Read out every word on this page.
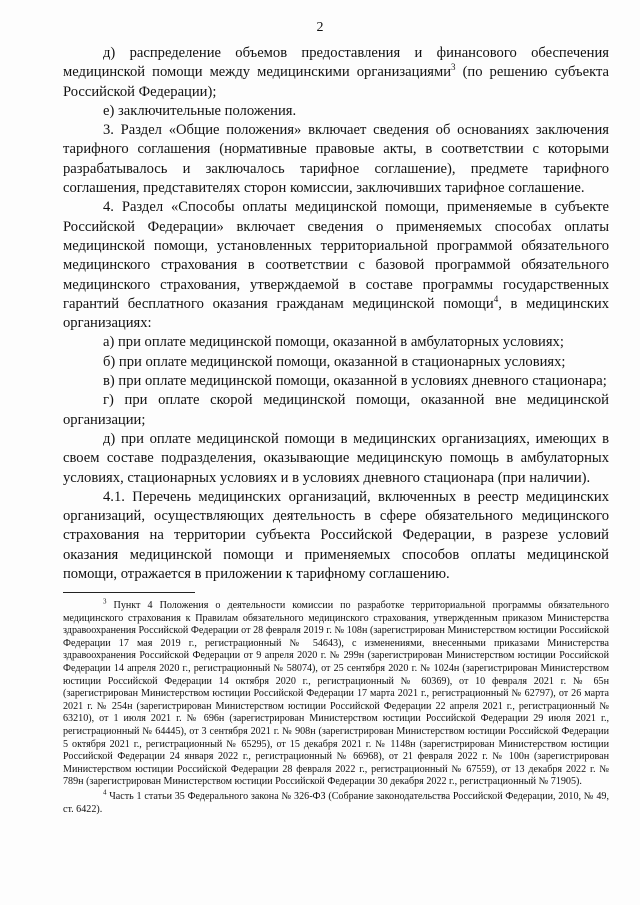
2

д) распределение объемов предоставления и финансового обеспечения медицинской помощи между медицинскими организациями$^3$ (по решению субъекта Российской Федерации);

е) заключительные положения.

3. Раздел «Общие положения» включает сведения об основаниях заключения тарифного соглашения (нормативные правовые акты, в соответствии с которыми разрабатывалось и заключалось тарифное соглашение), предмете тарифного соглашения, представителях сторон комиссии, заключивших тарифное соглашение.

4. Раздел «Способы оплаты медицинской помощи, применяемые в субъекте Российской Федерации» включает сведения о применяемых способах оплаты медицинской помощи, установленных территориальной программой обязательного медицинского страхования в соответствии с базовой программой обязательного медицинского страхования, утверждаемой в составе программы государственных гарантий бесплатного оказания гражданам медицинской помощи$^4$, в медицинских организациях:

а) при оплате медицинской помощи, оказанной в амбулаторных условиях;

б) при оплате медицинской помощи, оказанной в стационарных условиях;

в) при оплате медицинской помощи, оказанной в условиях дневного стационара;

г) при оплате скорой медицинской помощи, оказанной вне медицинской организации;

д) при оплате медицинской помощи в медицинских организациях, имеющих в своем составе подразделения, оказывающие медицинскую помощь в амбулаторных условиях, стационарных условиях и в условиях дневного стационара (при наличии).

4.1. Перечень медицинских организаций, включенных в реестр медицинских организаций, осуществляющих деятельность в сфере обязательного медицинского страхования на территории субъекта Российской Федерации, в разрезе условий оказания медицинской помощи и применяемых способов оплаты медицинской помощи, отражается в приложении к тарифному соглашению.

$^3$ Пункт 4 Положения о деятельности комиссии по разработке территориальной программы обязательного медицинского страхования к Правилам обязательного медицинского страхования, утвержденным приказом Министерства здравоохранения Российской Федерации от 28 февраля 2019 г. № 108н (зарегистрирован Министерством юстиции Российской Федерации 17 мая 2019 г., регистрационный № 54643), с изменениями, внесенными приказами Министерства здравоохранения Российской Федерации от 9 апреля 2020 г. № 299н (зарегистрирован Министерством юстиции Российской Федерации 14 апреля 2020 г., регистрационный № 58074), от 25 сентября 2020 г. № 1024н (зарегистрирован Министерством юстиции Российской Федерации 14 октября 2020 г., регистрационный № 60369), от 10 февраля 2021 г. № 65н (зарегистрирован Министерством юстиции Российской Федерации 17 марта 2021 г., регистрационный № 62797), от 26 марта 2021 г. № 254н (зарегистрирован Министерством юстиции Российской Федерации 22 апреля 2021 г., регистрационный № 63210), от 1 июля 2021 г. № 696н (зарегистрирован Министерством юстиции Российской Федерации 29 июля 2021 г., регистрационный № 64445), от 3 сентября 2021 г. № 908н (зарегистрирован Министерством юстиции Российской Федерации 5 октября 2021 г., регистрационный № 65295), от 15 декабря 2021 г. № 1148н (зарегистрирован Министерством юстиции Российской Федерации 24 января 2022 г., регистрационный № 66968), от 21 февраля 2022 г. № 100н (зарегистрирован Министерством юстиции Российской Федерации 28 февраля 2022 г., регистрационный № 67559), от 13 декабря 2022 г. № 789н (зарегистрирован Министерством юстиции Российской Федерации 30 декабря 2022 г., регистрационный № 71905).

$^4$ Часть 1 статьи 35 Федерального закона № 326-ФЗ (Собрание законодательства Российской Федерации, 2010, № 49, ст. 6422).
